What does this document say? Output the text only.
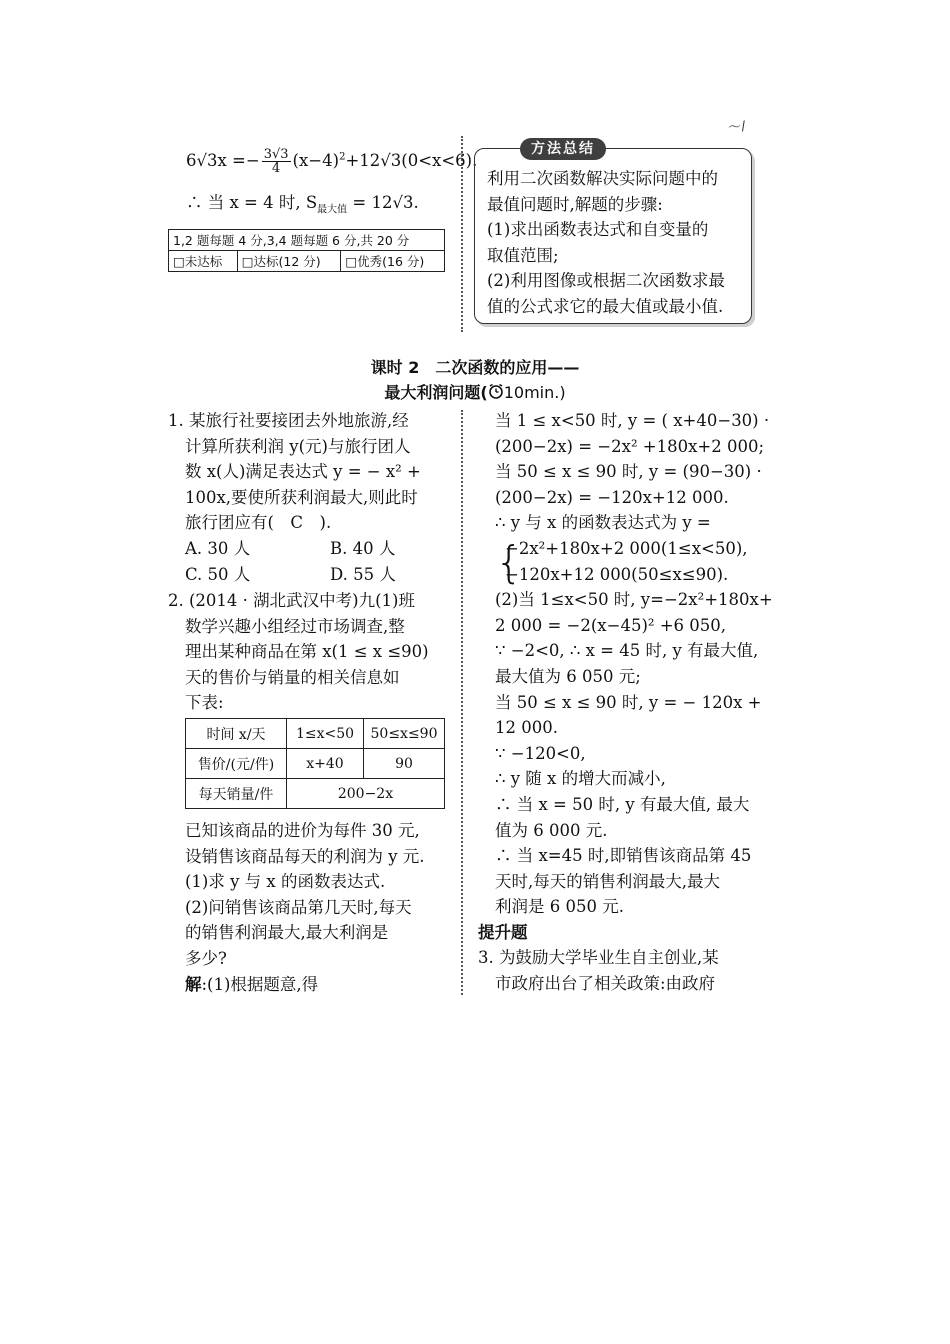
～∕
$6√3x =- \frac{3√3}{4} (x-4)^2+12√3(0<x<6)$.
∴ 当 x = 4 时, $S_{最大值} = 12√3$.
1,2 题每题 4 分,3,4 题每题 6 分,共 20 分
□未达标	□达标(12 分)	□优秀(16 分)
方法总结
利用二次函数解决实际问题中的
最值问题时,解题的步骤:
(1)求出函数表达式和自变量的
取值范围;
(2)利用图像或根据二次函数求最
值的公式求它的最大值或最小值.
课时 2　二次函数的应用——
最大利润问题( 10min.)
1. 某旅行社要接团去外地旅游,经
计算所获利润 y(元)与旅行团人
数 x(人)满足表达式 y = − x² +
100x,要使所获利润最大,则此时
旅行团应有(　C　).
A. 30 人	B. 40 人
C. 50 人	D. 55 人
2. (2014 · 湖北武汉中考)九(1)班
数学兴趣小组经过市场调查,整
理出某种商品在第 x(1 ≤ x ≤90)
天的售价与销量的相关信息如
下表:
时间 x/天	1≤x<50	50≤x≤90
售价/(元/件)	x+40	90
每天销量/件	200−2x	
已知该商品的进价为每件 30 元,
设销售该商品每天的利润为 y 元.
(1)求 y 与 x 的函数表达式.
(2)问销售该商品第几天时,每天
的销售利润最大,最大利润是
多少?
解:(1)根据题意,得
当 1 ≤ x<50 时, y = ( x+40−30) ·
(200−2x) = −2x² +180x+2 000;
当 50 ≤ x ≤ 90 时, y = (90−30) ·
(200−2x) = −120x+12 000.
∴ y 与 x 的函数表达式为 y =
−2x²+180x+2 000(1≤x<50),
−120x+12 000(50≤x≤90).
(2)当 1≤x<50 时, y=−2x²+180x+
2 000 = −2(x−45)² +6 050,
∵ −2<0, ∴ x = 45 时, y 有最大值,
最大值为 6 050 元;
当 50 ≤ x ≤ 90 时, y = − 120x +
12 000.
∵ −120<0,
∴ y 随 x 的增大而减小,
∴ 当 x = 50 时, y 有最大值, 最大
值为 6 000 元.
∴ 当 x=45 时,即销售该商品第 45
天时,每天的销售利润最大,最大
利润是 6 050 元.
提升题
3. 为鼓励大学毕业生自主创业,某
市政府出台了相关政策:由政府
{
